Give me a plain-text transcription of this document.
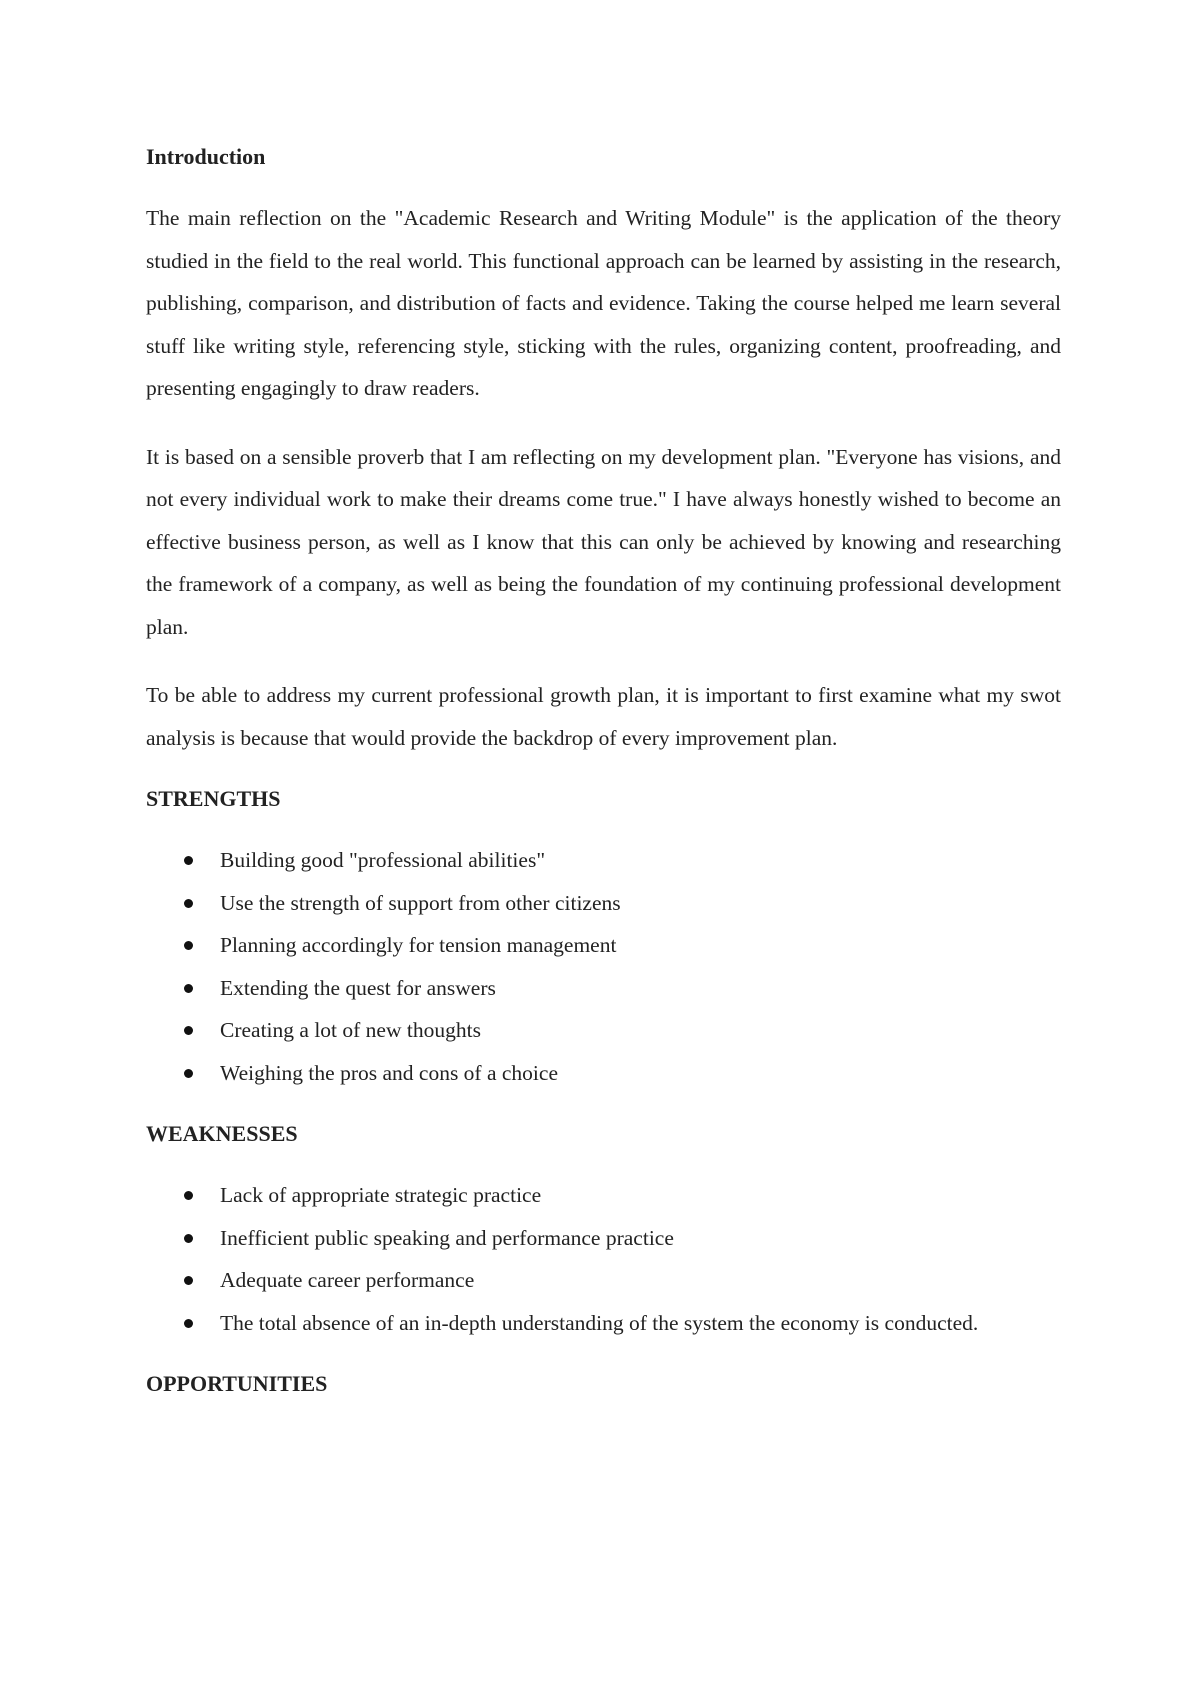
Introduction

The main reflection on the "Academic Research and Writing Module" is the application of the theory studied in the field to the real world. This functional approach can be learned by assisting in the research, publishing, comparison, and distribution of facts and evidence. Taking the course helped me learn several stuff like writing style, referencing style, sticking with the rules, organizing content, proofreading, and presenting engagingly to draw readers.

It is based on a sensible proverb that I am reflecting on my development plan. "Everyone has visions, and not every individual work to make their dreams come true." I have always honestly wished to become an effective business person, as well as I know that this can only be achieved by knowing and researching the framework of a company, as well as being the foundation of my continuing professional development plan.

To be able to address my current professional growth plan, it is important to first examine what my swot analysis is because that would provide the backdrop of every improvement plan.

STRENGTHS
Building good "professional abilities"
Use the strength of support from other citizens
Planning accordingly for tension management
Extending the quest for answers
Creating a lot of new thoughts
Weighing the pros and cons of a choice
WEAKNESSES
Lack of appropriate strategic practice
Inefficient public speaking and performance practice
Adequate career performance
The total absence of an in-depth understanding of the system the economy is conducted.
OPPORTUNITIES
